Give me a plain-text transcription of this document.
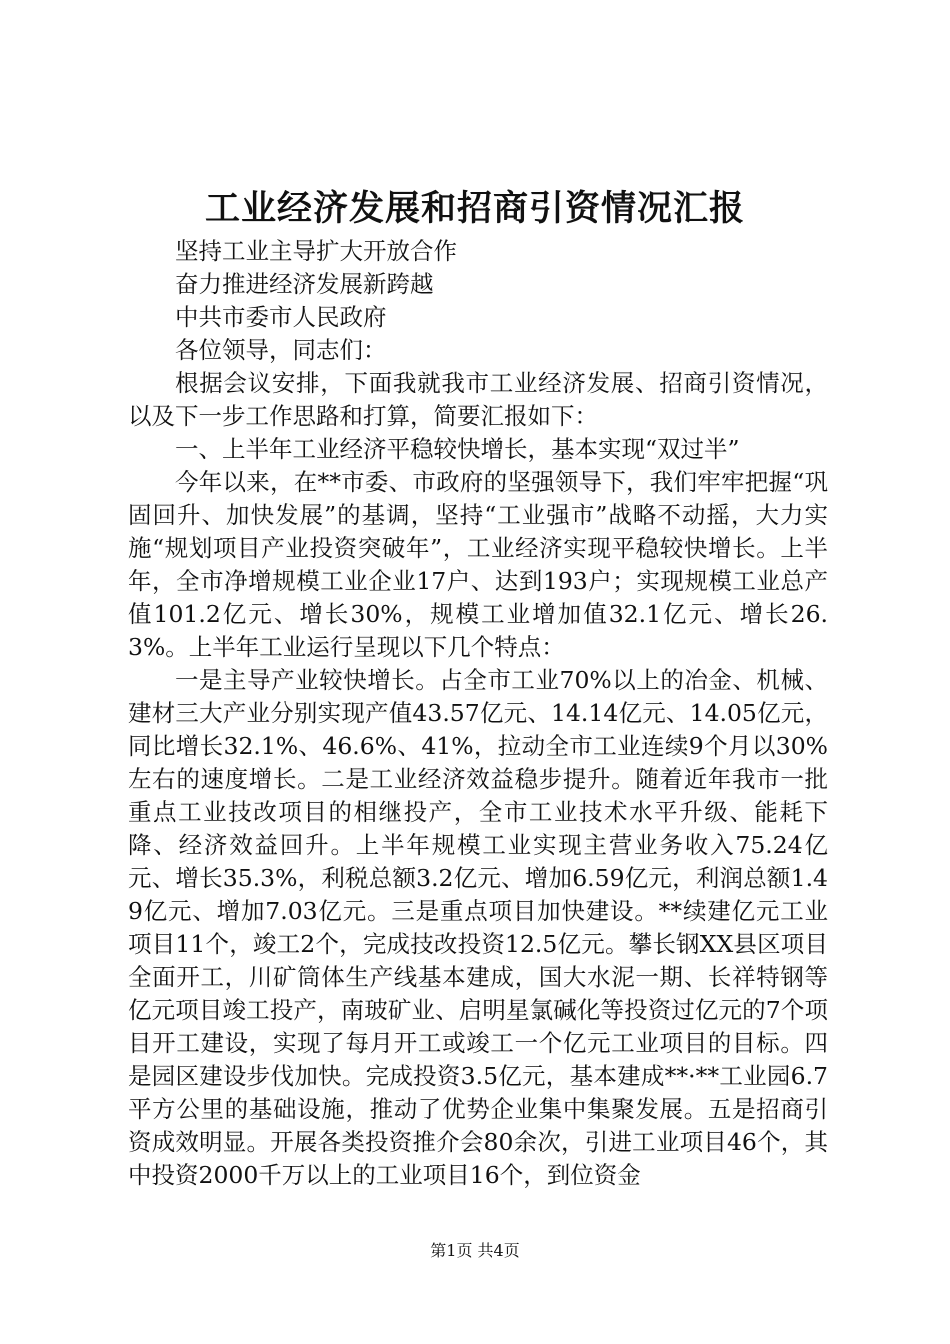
工业经济发展和招商引资情况汇报

坚持工业主导扩大开放合作

奋力推进经济发展新跨越

中共市委市人民政府

各位领导，同志们：

根据会议安排，下面我就我市工业经济发展、招商引资情况，以及下一步工作思路和打算，简要汇报如下：

一、上半年工业经济平稳较快增长，基本实现“双过半”

今年以来，在**市委、市政府的坚强领导下，我们牢牢把握“巩固回升、加快发展”的基调，坚持“工业强市”战略不动摇，大力实施“规划项目产业投资突破年”，工业经济实现平稳较快增长。上半年，全市净增规模工业企业17户、达到193户；实现规模工业总产值101.2亿元、增长30%，规模工业增加值32.1亿元、增长26.3%。上半年工业运行呈现以下几个特点：

一是主导产业较快增长。占全市工业70%以上的冶金、机械、建材三大产业分别实现产值43.57亿元、14.14亿元、14.05亿元，同比增长32.1%、46.6%、41%，拉动全市工业连续9个月以30%左右的速度增长。二是工业经济效益稳步提升。随着近年我市一批重点工业技改项目的相继投产，全市工业技术水平升级、能耗下降、经济效益回升。上半年规模工业实现主营业务收入75.24亿元、增长35.3%，利税总额3.2亿元、增加6.59亿元，利润总额1.49亿元、增加7.03亿元。三是重点项目加快建设。**续建亿元工业项目11个，竣工2个，完成技改投资12.5亿元。攀长钢XX县区项目全面开工，川矿筒体生产线基本建成，国大水泥一期、长祥特钢等亿元项目竣工投产，南玻矿业、启明星氯碱化等投资过亿元的7个项目开工建设，实现了每月开工或竣工一个亿元工业项目的目标。四是园区建设步伐加快。完成投资3.5亿元，基本建成**·**工业园6.7平方公里的基础设施，推动了优势企业集中集聚发展。五是招商引资成效明显。开展各类投资推介会80余次，引进工业项目46个，其中投资2000千万以上的工业项目16个，到位资金

第1页 共4页
